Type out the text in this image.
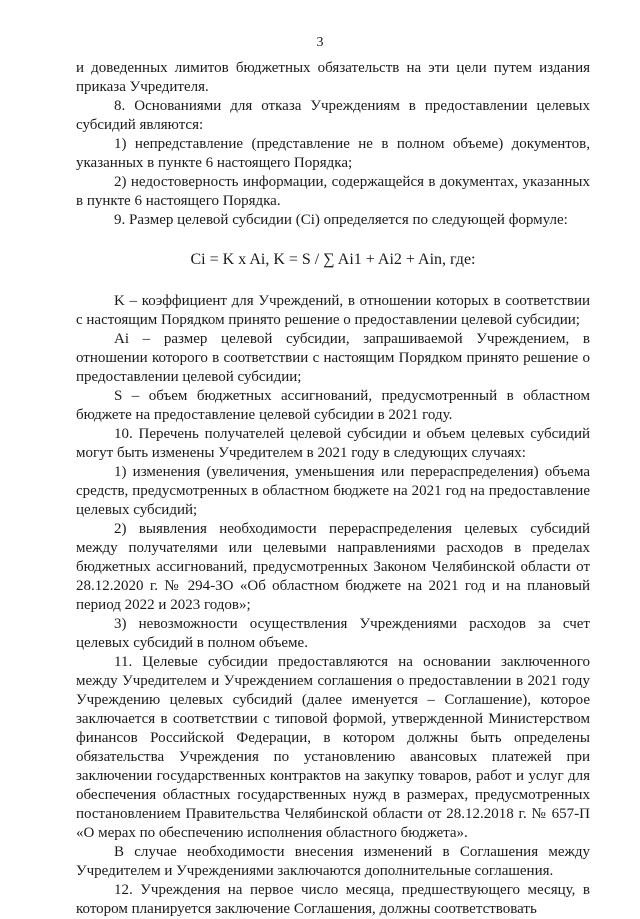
3

и доведенных лимитов бюджетных обязательств на эти цели путем издания приказа Учредителя.

8. Основаниями для отказа Учреждениям в предоставлении целевых субсидий являются:

1) непредставление (представление не в полном объеме) документов, указанных в пункте 6 настоящего Порядка;

2) недостоверность информации, содержащейся в документах, указанных в пункте 6 настоящего Порядка.

9. Размер целевой субсидии (Ci) определяется по следующей формуле:

Ci = K x Ai, K = S / ∑ Ai1 + Ai2 + Ain, где:

K – коэффициент для Учреждений, в отношении которых в соответствии с настоящим Порядком принято решение о предоставлении целевой субсидии;

Ai – размер целевой субсидии, запрашиваемой Учреждением, в отношении которого в соответствии с настоящим Порядком принято решение о предоставлении целевой субсидии;

S – объем бюджетных ассигнований, предусмотренный в областном бюджете на предоставление целевой субсидии в 2021 году.

10. Перечень получателей целевой субсидии и объем целевых субсидий могут быть изменены Учредителем в 2021 году в следующих случаях:

1) изменения (увеличения, уменьшения или перераспределения) объема средств, предусмотренных в областном бюджете на 2021 год на предоставление целевых субсидий;

2) выявления необходимости перераспределения целевых субсидий между получателями или целевыми направлениями расходов в пределах бюджетных ассигнований, предусмотренных Законом Челябинской области от 28.12.2020 г. № 294-ЗО «Об областном бюджете на 2021 год и на плановый период 2022 и 2023 годов»;

3) невозможности осуществления Учреждениями расходов за счет целевых субсидий в полном объеме.

11. Целевые субсидии предоставляются на основании заключенного между Учредителем и Учреждением соглашения о предоставлении в 2021 году Учреждению целевых субсидий (далее именуется – Соглашение), которое заключается в соответствии с типовой формой, утвержденной Министерством финансов Российской Федерации, в котором должны быть определены обязательства Учреждения по установлению авансовых платежей при заключении государственных контрактов на закупку товаров, работ и услуг для обеспечения областных государственных нужд в размерах, предусмотренных постановлением Правительства Челябинской области от 28.12.2018 г. № 657-П «О мерах по обеспечению исполнения областного бюджета».

В случае необходимости внесения изменений в Соглашения между Учредителем и Учреждениями заключаются дополнительные соглашения.

12. Учреждения на первое число месяца, предшествующего месяцу, в котором планируется заключение Соглашения, должны соответствовать
